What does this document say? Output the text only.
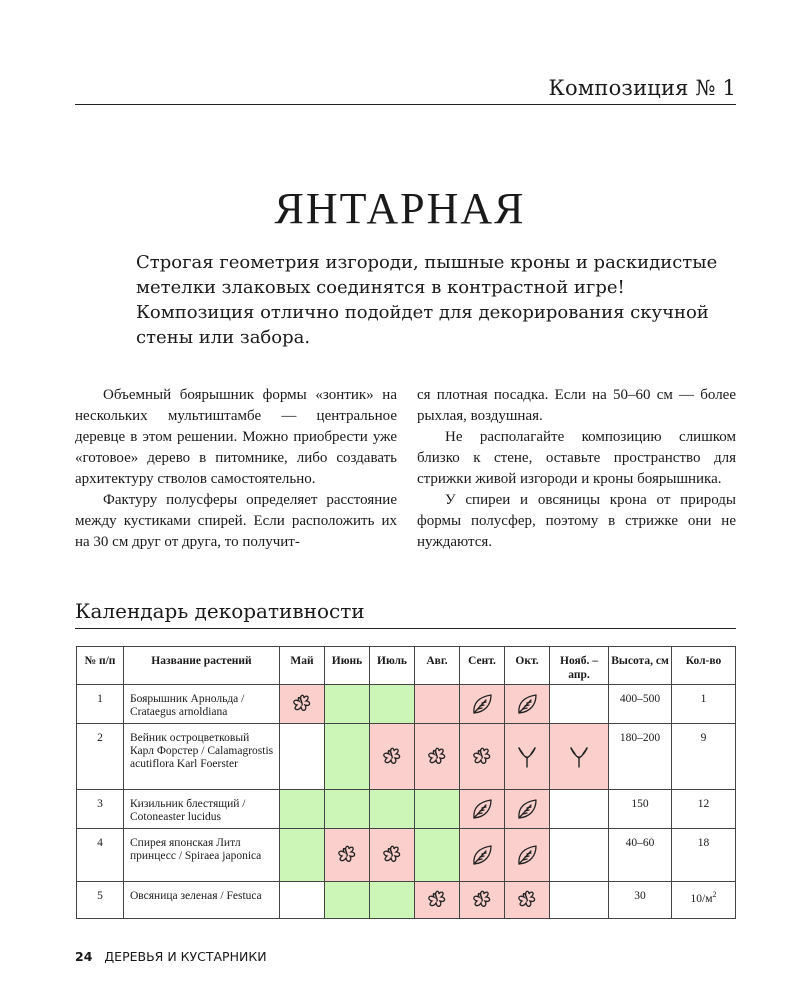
Композиция № 1
ЯНТАРНАЯ
Строгая геометрия изгороди, пышные кроны и раскидистые
метелки злаковых соединятся в контрастной игре!
Композиция отлично подойдет для декорирования скучной
стены или забора.

Объемный боярышник формы «зонтик» на нескольких мультиштамбе — центральное деревце в этом решении. Можно приобрести уже «готовое» дерево в питомнике, либо создавать архитектуру стволов самостоятельно.

Фактуру полусферы определяет расстояние между кустиками спирей. Если расположить их на 30 см друг от друга, то получит-

ся плотная посадка. Если на 50–60 см — более рыхлая, воздушная.

Не располагайте композицию слишком близко к стене, оставьте пространство для стрижки живой изгороди и кроны боярышника.

У спиреи и овсяницы крона от природы формы полусфер, поэтому в стрижке они не нуждаются.

Календарь декоративности
№ п/п	Название растений	Май	Июнь	Июль	Авг.	Сент.	Окт.	Нояб. – апр.	Высота, см	Кол-во
1	Боярышник Арнольда / Crataegus arnoldiana								400–500	1
2	Вейник остроцветковый Карл Форстер / Calamagrostis acutiflora Karl Foerster								180–200	9
3	Кизильник блестящий / Cotoneaster lucidus								150	12
4	Спирея японская Литл принцесс / Spiraea japonica								40–60	18
5	Овсяница зеленая / Festuca								30	$10/м^2$
24 ДЕРЕВЬЯ И КУСТАРНИКИ
